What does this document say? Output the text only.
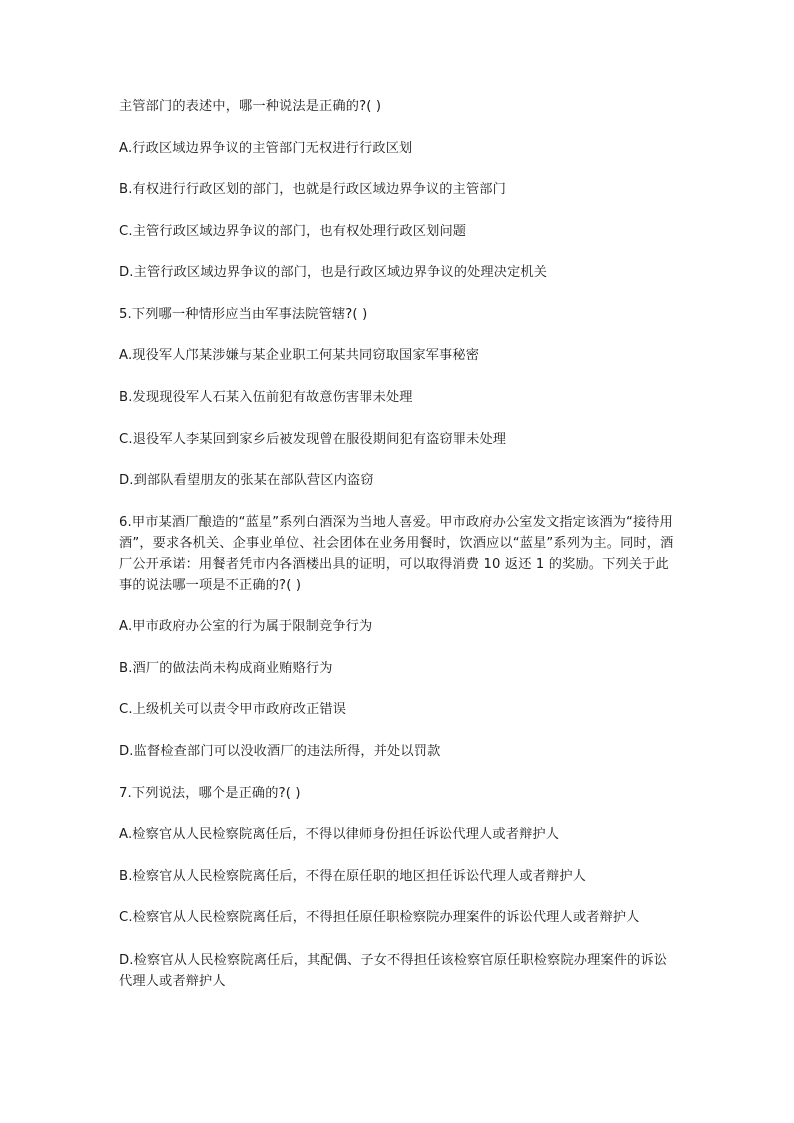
主管部门的表述中，哪一种说法是正确的?( )
A.行政区域边界争议的主管部门无权进行行政区划
B.有权进行行政区划的部门，也就是行政区域边界争议的主管部门
C.主管行政区域边界争议的部门，也有权处理行政区划问题
D.主管行政区域边界争议的部门，也是行政区域边界争议的处理决定机关
5.下列哪一种情形应当由军事法院管辖?( )
A.现役军人邝某涉嫌与某企业职工何某共同窃取国家军事秘密
B.发现现役军人石某入伍前犯有故意伤害罪未处理
C.退役军人李某回到家乡后被发现曾在服役期间犯有盗窃罪未处理
D.到部队看望朋友的张某在部队营区内盗窃
6.甲市某酒厂酿造的“蓝星”系列白酒深为当地人喜爱。甲市政府办公室发文指定该酒为“接待用酒”，要求各机关、企事业单位、社会团体在业务用餐时，饮酒应以“蓝星”系列为主。同时，酒厂公开承诺：用餐者凭市内各酒楼出具的证明，可以取得消费 10 返还 1 的奖励。下列关于此事的说法哪一项是不正确的?( )
A.甲市政府办公室的行为属于限制竞争行为
B.酒厂的做法尚未构成商业贿赂行为
C.上级机关可以责令甲市政府改正错误
D.监督检查部门可以没收酒厂的违法所得，并处以罚款
7.下列说法，哪个是正确的?( )
A.检察官从人民检察院离任后，不得以律师身份担任诉讼代理人或者辩护人
B.检察官从人民检察院离任后，不得在原任职的地区担任诉讼代理人或者辩护人
C.检察官从人民检察院离任后，不得担任原任职检察院办理案件的诉讼代理人或者辩护人
D.检察官从人民检察院离任后，其配偶、子女不得担任该检察官原任职检察院办理案件的诉讼代理人或者辩护人
